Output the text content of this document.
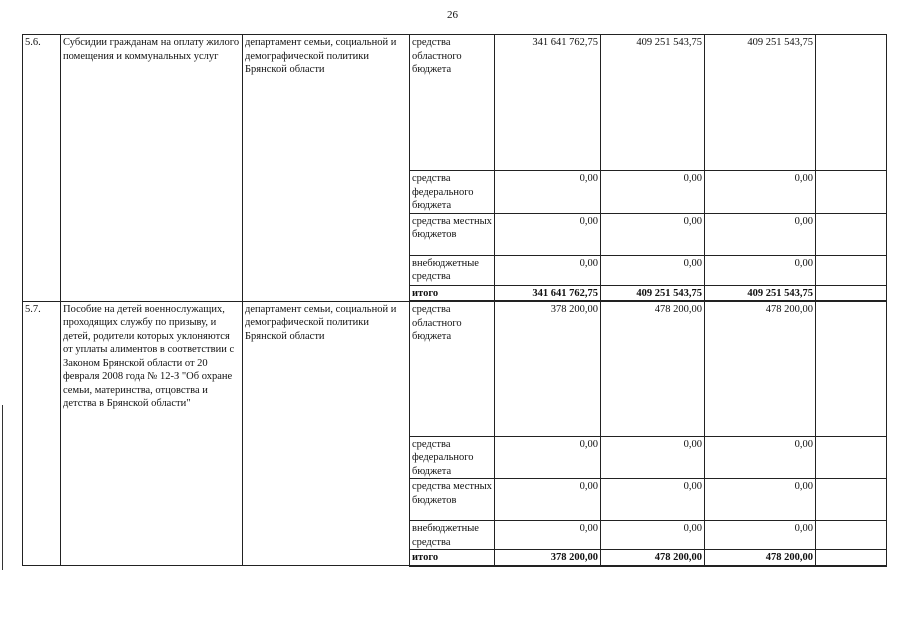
26
5.6.	Субсидии гражданам на оплату жилого помещения и коммунальных услуг	департамент семьи, социальной и демографической политики Брянской области	средства областного бюджета	341 641 762,75	409 251 543,75	409 251 543,75	
			средства федерального бюджета	0,00	0,00	0,00	
			средства местных бюджетов	0,00	0,00	0,00	
			внебюджетные средства	0,00	0,00	0,00	
			итого	341 641 762,75	409 251 543,75	409 251 543,75	
5.7.	Пособие на детей военнослужащих, проходящих службу по призыву, и детей, родители которых уклоняются от уплаты алиментов в соответствии с Законом Брянской области от 20 февраля 2008 года № 12-З "Об охране семьи, материнства, отцовства и детства в Брянской области"	департамент семьи, социальной и демографической политики Брянской области	средства областного бюджета	378 200,00	478 200,00	478 200,00	
			средства федерального бюджета	0,00	0,00	0,00	
			средства местных бюджетов	0,00	0,00	0,00	
			внебюджетные средства	0,00	0,00	0,00	
			итого	378 200,00	478 200,00	478 200,00	
